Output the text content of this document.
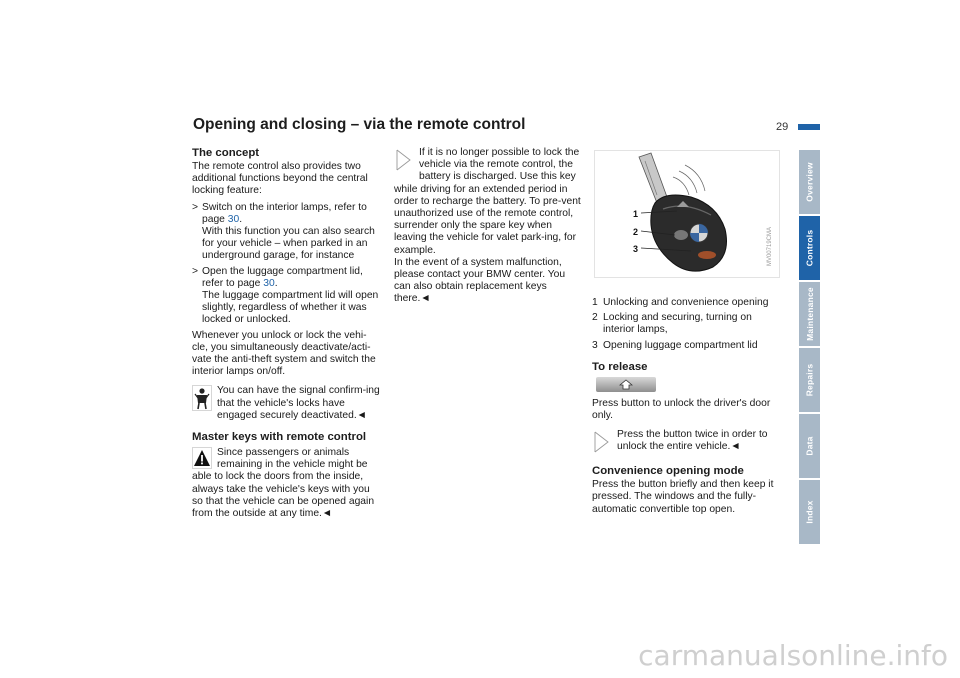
Opening and closing – via the remote control	29
The concept

The remote control also provides two additional functions beyond the central locking feature:

> Switch on the interior lamps, refer to page 30.
With this function you can also search for your vehicle – when parked in an underground garage, for instance
> Open the luggage compartment lid, refer to page 30.
The luggage compartment lid will open slightly, regardless of whether it was locked or unlocked.

Whenever you unlock or lock the vehi-cle, you simultaneously deactivate/acti-vate the anti-theft system and switch the interior lamps on/off.

You can have the signal confirm-ing that the vehicle's locks have engaged securely deactivated.◄
Master keys with remote control
Since passengers or animals remaining in the vehicle might be able to lock the doors from the inside, always take the vehicle's keys with you so that the vehicle can be opened again from the outside at any time.◄
If it is no longer possible to lock the vehicle via the remote control, the battery is discharged. Use this key while driving for an extended period in order to recharge the battery. To pre-vent unauthorized use of the remote control, surrender only the spare key when leaving the vehicle for valet park-ing, for example.
In the event of a system malfunction, please contact your BMW center. You can also obtain replacement keys there.◄
1
2
3	MV00719CMA
1 Unlocking and convenience opening
2 Locking and securing, turning on interior lamps,
3 Opening luggage compartment lid
To release

Press button to unlock the driver's door only.

Press the button twice in order to unlock the entire vehicle.◄
Convenience opening mode

Press the button briefly and then keep it pressed. The windows and the fully-automatic convertible top open.

Overview
Controls
Maintenance
Repairs
Data
Index
carmanualsonline.info
